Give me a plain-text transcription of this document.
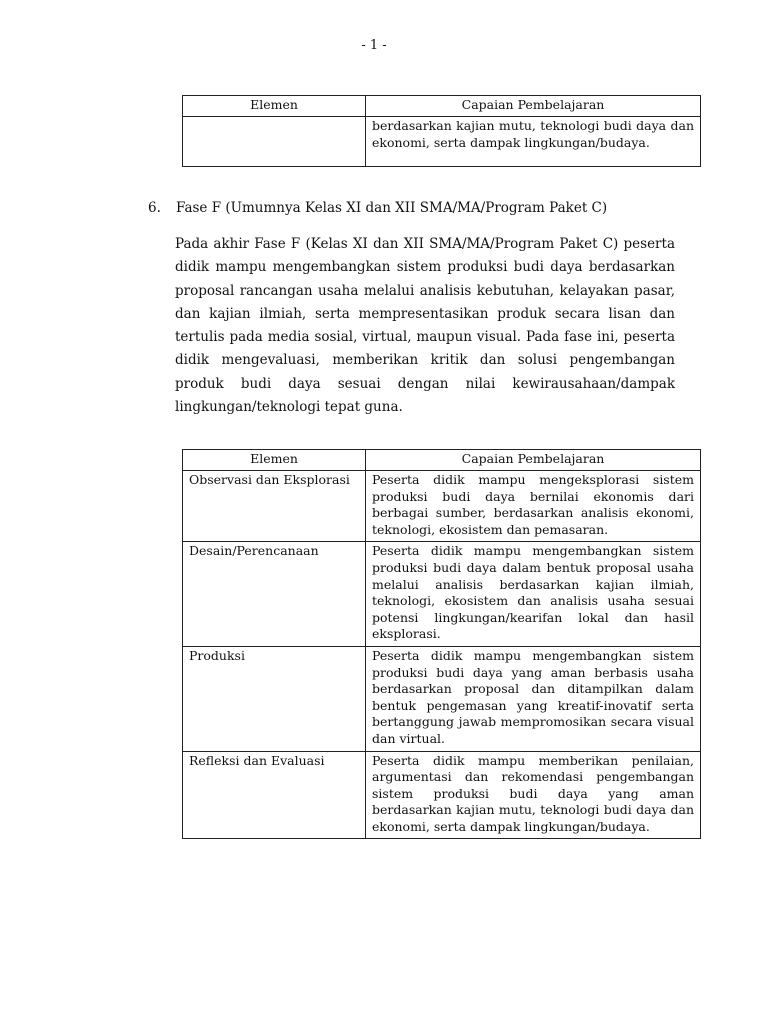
- 1 -
Elemen	Capaian Pembelajaran
	berdasarkan kajian mutu, teknologi budi daya dan ekonomi, serta dampak lingkungan/budaya.
6. Fase F (Umumnya Kelas XI dan XII SMA/MA/Program Paket C)

Pada akhir Fase F (Kelas XI dan XII SMA/MA/Program Paket C) peserta didik mampu mengembangkan sistem produksi budi daya berdasarkan proposal rancangan usaha melalui analisis kebutuhan, kelayakan pasar, dan kajian ilmiah, serta mempresentasikan produk secara lisan dan tertulis pada media sosial, virtual, maupun visual. Pada fase ini, peserta didik mengevaluasi, memberikan kritik dan solusi pengembangan produk budi daya sesuai dengan nilai kewirausahaan/dampak lingkungan/teknologi tepat guna.

Elemen	Capaian Pembelajaran
Observasi dan Eksplorasi	Peserta didik mampu mengeksplorasi sistem produksi budi daya bernilai ekonomis dari berbagai sumber, berdasarkan analisis ekonomi, teknologi, ekosistem dan pemasaran.
Desain/Perencanaan	Peserta didik mampu mengembangkan sistem produksi budi daya dalam bentuk proposal usaha melalui analisis berdasarkan kajian ilmiah, teknologi, ekosistem dan analisis usaha sesuai potensi lingkungan/kearifan lokal dan hasil eksplorasi.
Produksi	Peserta didik mampu mengembangkan sistem produksi budi daya yang aman berbasis usaha berdasarkan proposal dan ditampilkan dalam bentuk pengemasan yang kreatif-inovatif serta bertanggung jawab mempromosikan secara visual dan virtual.
Refleksi dan Evaluasi	Peserta didik mampu memberikan penilaian, argumentasi dan rekomendasi pengembangan sistem produksi budi daya yang aman berdasarkan kajian mutu, teknologi budi daya dan ekonomi, serta dampak lingkungan/budaya.
